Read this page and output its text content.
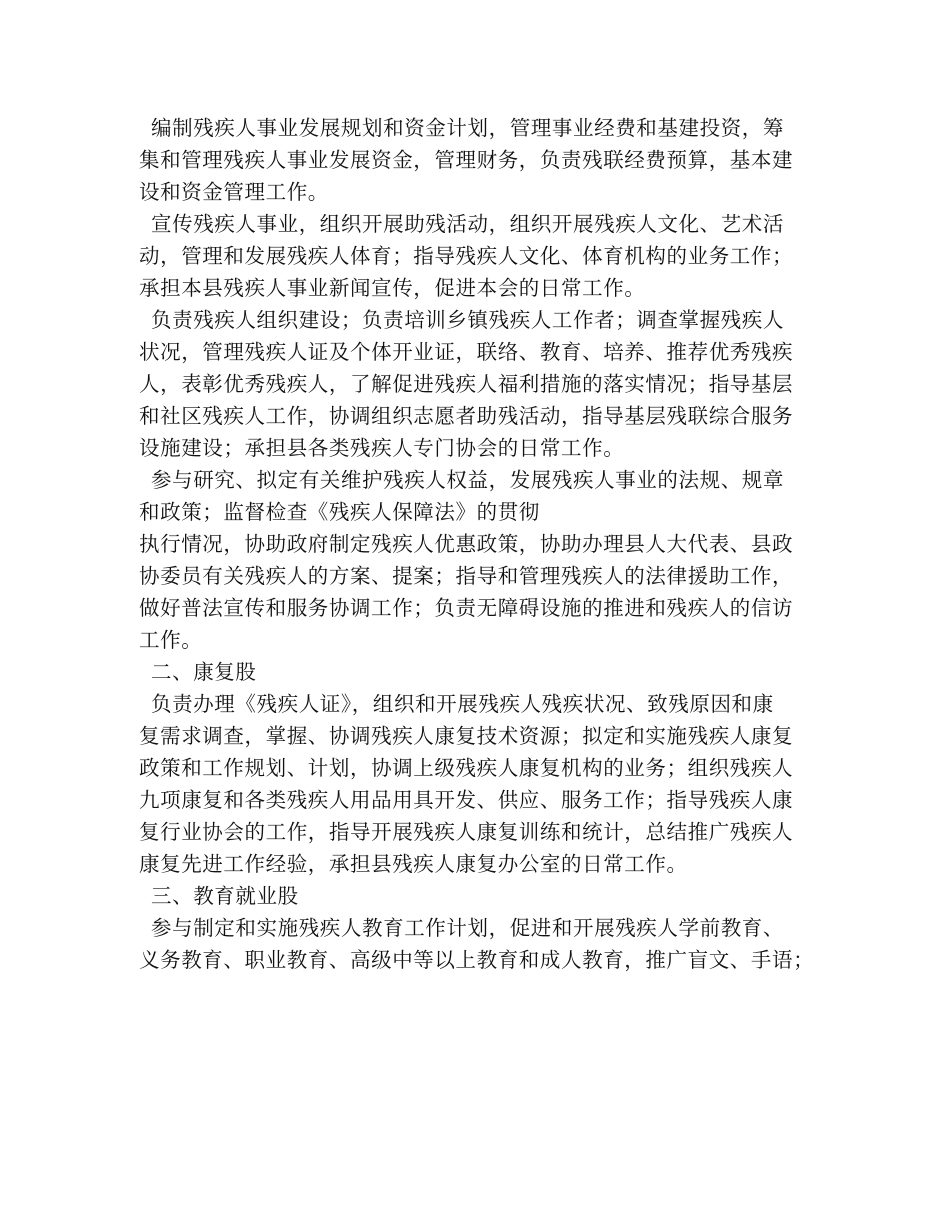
编制残疾人事业发展规划和资金计划，管理事业经费和基建投资，筹
集和管理残疾人事业发展资金，管理财务，负责残联经费预算，基本建
设和资金管理工作。
宣传残疾人事业，组织开展助残活动，组织开展残疾人文化、艺术活
动，管理和发展残疾人体育；指导残疾人文化、体育机构的业务工作；
承担本县残疾人事业新闻宣传，促进本会的日常工作。
负责残疾人组织建设；负责培训乡镇残疾人工作者；调查掌握残疾人
状况，管理残疾人证及个体开业证，联络、教育、培养、推荐优秀残疾
人，表彰优秀残疾人，了解促进残疾人福利措施的落实情况；指导基层
和社区残疾人工作，协调组织志愿者助残活动，指导基层残联综合服务
设施建设；承担县各类残疾人专门协会的日常工作。
参与研究、拟定有关维护残疾人权益，发展残疾人事业的法规、规章
和政策；监督检查《残疾人保障法》的贯彻
执行情况，协助政府制定残疾人优惠政策，协助办理县人大代表、县政
协委员有关残疾人的方案、提案；指导和管理残疾人的法律援助工作，
做好普法宣传和服务协调工作；负责无障碍设施的推进和残疾人的信访
工作。
二、康复股
负责办理《残疾人证》，组织和开展残疾人残疾状况、致残原因和康
复需求调查，掌握、协调残疾人康复技术资源；拟定和实施残疾人康复
政策和工作规划、计划，协调上级残疾人康复机构的业务；组织残疾人
九项康复和各类残疾人用品用具开发、供应、服务工作；指导残疾人康
复行业协会的工作，指导开展残疾人康复训练和统计，总结推广残疾人
康复先进工作经验，承担县残疾人康复办公室的日常工作。
三、教育就业股
参与制定和实施残疾人教育工作计划，促进和开展残疾人学前教育、
义务教育、职业教育、高级中等以上教育和成人教育，推广盲文、手语；
